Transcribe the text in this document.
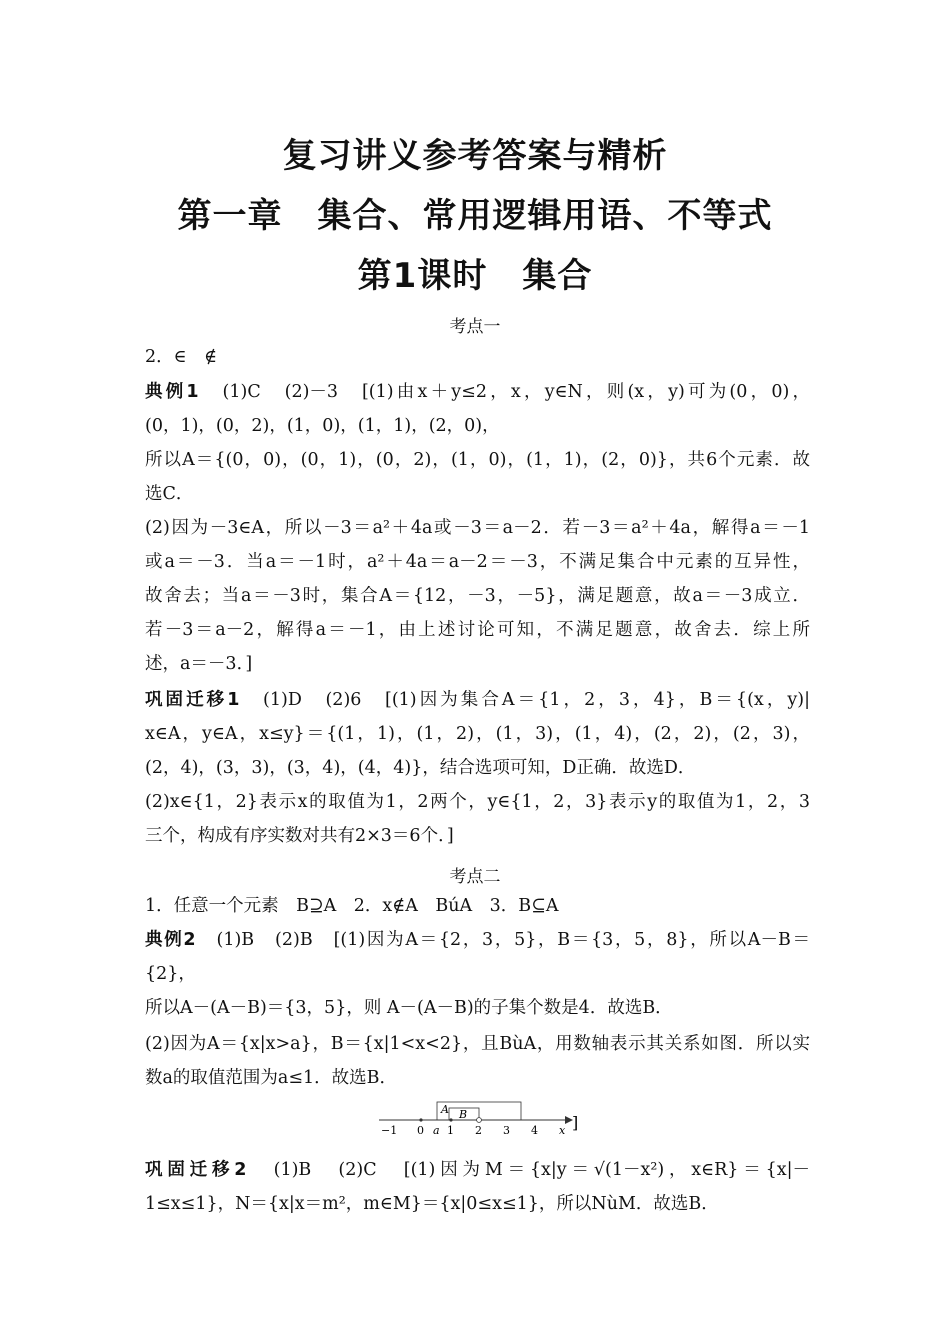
复习讲义参考答案与精析
第一章　集合、常用逻辑用语、不等式
第1课时　集合
考点一
2．∈　∉
典例1　(1)C　(2)－3　[(1)由x＋y≤2，x，y∈N，则(x，y)可为(0，0)，
(0，1)，(0，2)，(1，0)，(1，1)，(2，0)，
所以A＝{(0，0)，(0，1)，(0，2)，(1，0)，(1，1)，(2，0)}，共6个元素．故
选C．
(2)因为－3∈A，所以－3＝a²＋4a或－3＝a－2．若－3＝a²＋4a，解得a＝－1
或a＝－3．当a＝－1时，a²＋4a＝a－2＝－3，不满足集合中元素的互异性，
故舍去；当a＝－3时，集合A＝{12，－3，－5}，满足题意，故a＝－3成立．
若－3＝a－2，解得a＝－1，由上述讨论可知，不满足题意，故舍去．综上所
述，a＝－3．]
巩固迁移1　(1)D　(2)6　[(1)因为集合A＝{1，2，3，4}，B＝{(x，y)|
x∈A，y∈A，x≤y}＝{(1，1)，(1，2)，(1，3)，(1，4)，(2，2)，(2，3)，
(2，4)，(3，3)，(3，4)，(4，4)}，结合选项可知，D正确．故选D．
(2)x∈{1，2}表示x的取值为1，2两个，y∈{1，2，3}表示y的取值为1，2，3
三个，构成有序实数对共有2×3＝6个．]
考点二
1．任意一个元素　B⊇A　2．x∉A　BúA　3．B⊆A
典例2　(1)B　(2)B　[(1)因为A＝{2，3，5}，B＝{3，5，8}，所以A－B＝
{2}，
所以A－(A－B)＝{3，5}，则 A－(A－B)的子集个数是4．故选B．
(2)因为A＝{x|x>a}，B＝{x|1<x<2}，且BùA，用数轴表示其关系如图．所以实
数a的取值范围为a≤1．故选B．
A B
−1 0 a 1 2 3 4 x ]
巩固迁移2　(1)B　(2)C　[(1)因为M＝{x|y＝√(1－x²)，x∈R}＝{x|－
1≤x≤1}，N＝{x|x＝m²，m∈M}＝{x|0≤x≤1}，所以NùM．故选B．
